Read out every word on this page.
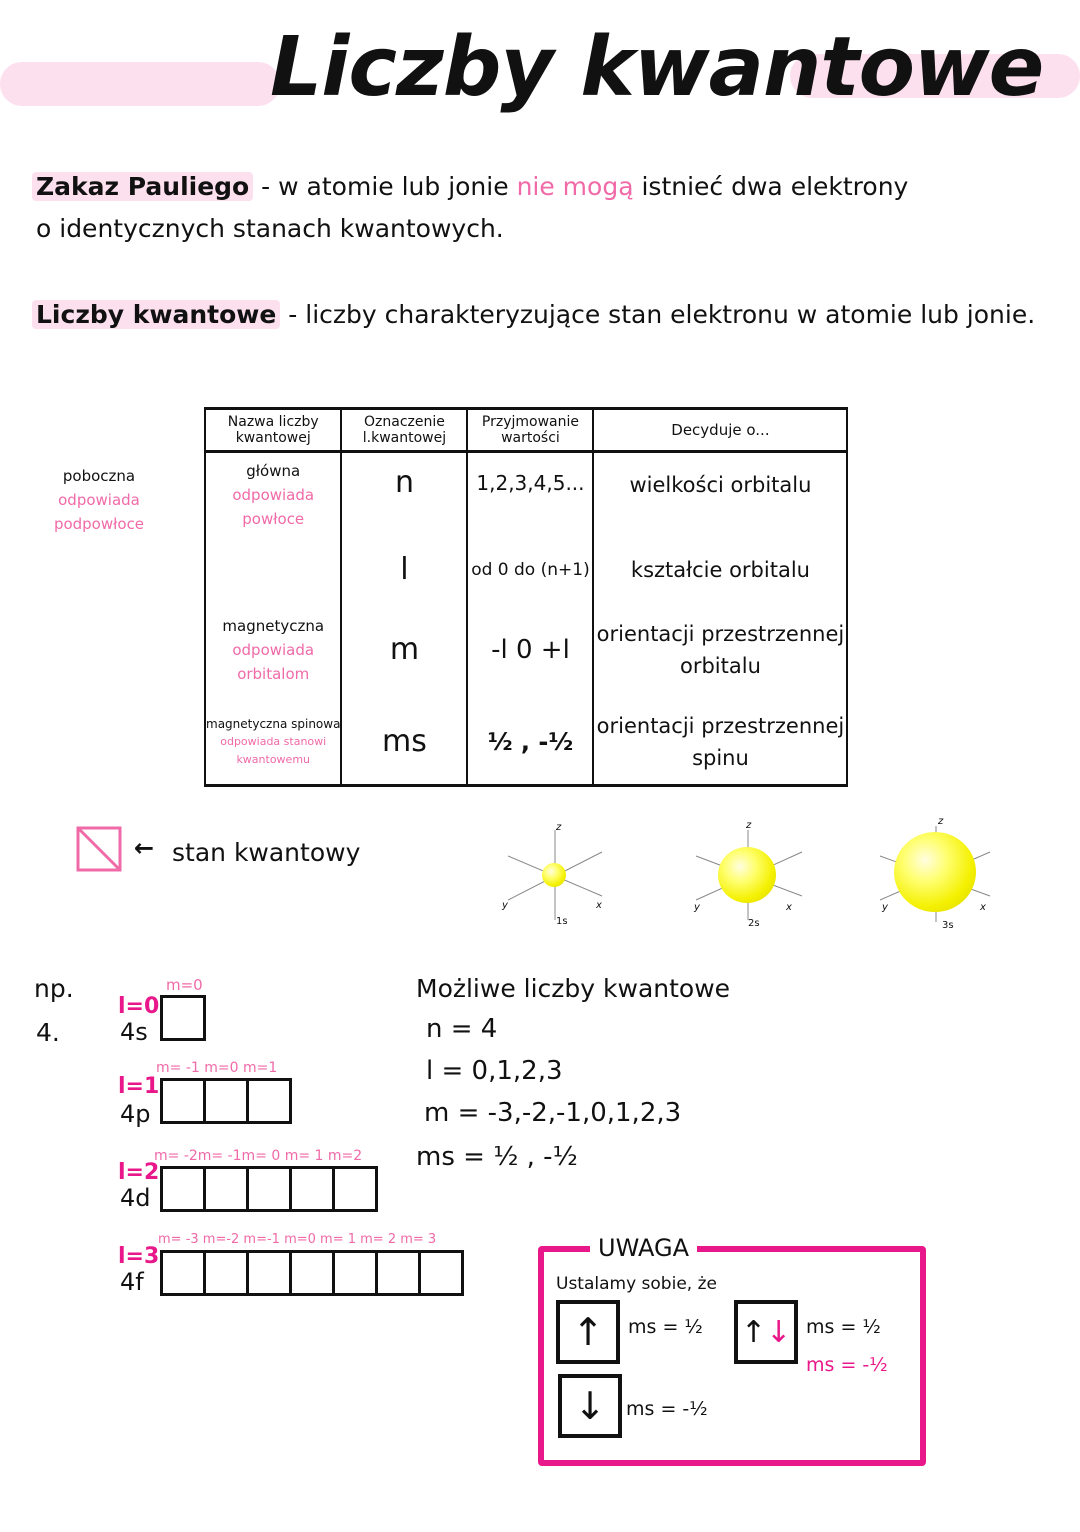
Liczby kwantowe
Zakaz Pauliego - w atomie lub jonie nie mogą istnieć dwa elektrony
o identycznych stanach kwantowych.
Liczby kwantowe - liczby charakteryzujące stan elektronu w atomie lub jonie.
poboczna
odpowiada
podpowłoce
Nazwa liczby kwantowej	Oznaczenie l.kwantowej	Przyjmowanie wartości	Decyduje o...

główna
odpowiada
powłoce	n	1,2,3,4,5...	wielkości orbitalu
	l	od 0 do (n+1)	kształcie orbitalu

magnetyczna
odpowiada
orbitalom	m	-l 0 +l	orientacji przestrzennej orbitalu

magnetyczna spinowa
odpowiada stanowi
kwantowemu	ms	½ , -½	orientacji przestrzennej spinu
← stan kwantowy
z
y	x
1s
z
y	x
2s
z
y	x
3s
np.
4.
m=0
l=0
4s
m= -1 m=0 m=1
l=1
4p
m= -2m= -1m= 0 m= 1 m=2
l=2
4d
m= -3 m=-2 m=-1 m=0 m= 1 m= 2 m= 3
l=3
4f
Możliwe liczby kwantowe
n = 4
l = 0,1,2,3
m = -3,-2,-1,0,1,2,3
ms = ½ , -½
UWAGA
Ustalamy sobie, że
↑ ms = ½
↓ ms = -½
↑ ↓ ms = ½
ms = -½
